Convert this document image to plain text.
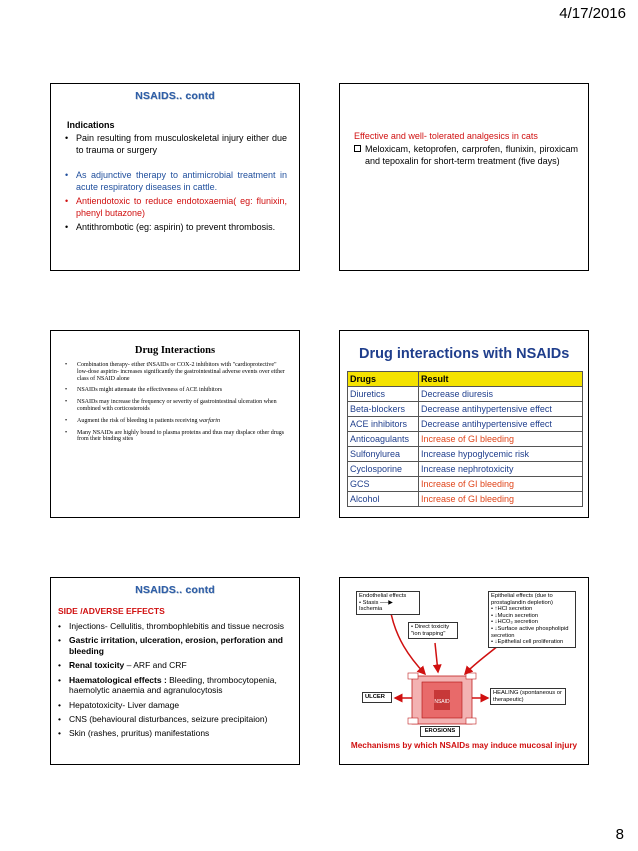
4/17/2016
NSAIDS.. contd
Indications
• Pain resulting from musculoskeletal injury either due to trauma or surgery
• As adjunctive therapy to antimicrobial treatment in acute respiratory diseases in cattle.
• Antiendotoxic to reduce endotoxaemia( eg: flunixin, phenyl butazone)
• Antithrombotic (eg: aspirin) to prevent thrombosis.
Effective and well- tolerated analgesics in cats
Meloxicam, ketoprofen, carprofen, flunixin, piroxicam and tepoxalin for short-term treatment (five days)
Drug Interactions
• Combination therapy- either tNSAIDs or COX-2 inhibitors with "cardioprotective" low-dose aspirin- increases significantly the gastrointestinal adverse events over either class of NSAID alone
• NSAIDs might attenuate the effectiveness of ACE inhibitors
• NSAIDs may increase the frequency or severity of gastrointestinal ulceration when combined with corticosteroids
• Augment the risk of bleeding in patients receiving warfarin
• Many NSAIDs are highly bound to plasma proteins and thus may displace other drugs from their binding sites
Drug interactions with NSAIDs
Drugs	Result
Diuretics	Decrease diuresis
Beta-blockers	Decrease antihypertensive effect
ACE inhibitors	Decrease antihypertensive effect
Anticoagulants	Increase of GI bleeding
Sulfonylurea	Increase hypoglycemic risk
Cyclosporine	Increase nephrotoxicity
GCS	Increase of GI bleeding
Alcohol	Increase of GI bleeding
NSAIDS.. contd
SIDE /ADVERSE EFFECTS
• Injections- Cellulitis, thrombophlebitis and tissue necrosis
• Gastric irritation, ulceration, erosion, perforation and bleeding
• Renal toxicity – ARF and CRF
• Haematological effects : Bleeding, thrombocytopenia, haemolytic anaemia and agranulocytosis
• Hepatotoxicity- Liver damage
• CNS (behavioural disturbances, seizure precipitaion)
• Skin (rashes, pruritus) manifestations
NSAID
Endothelial effects
• Stasis ──▶ Ischemia
• Direct toxicity
"ion trapping"
Epithelial effects (due to prostaglandin depletion)
• ↑HCl secretion
• ↓Mucin secretion
• ↓HCO₃ secretion
• ↓Surface active phospholipid secretion
• ↓Epithelial cell proliferation
ULCER
HEALING (spontaneous or therapeutic)
EROSIONS
Mechanisms by which NSAIDs may induce mucosal injury
8
